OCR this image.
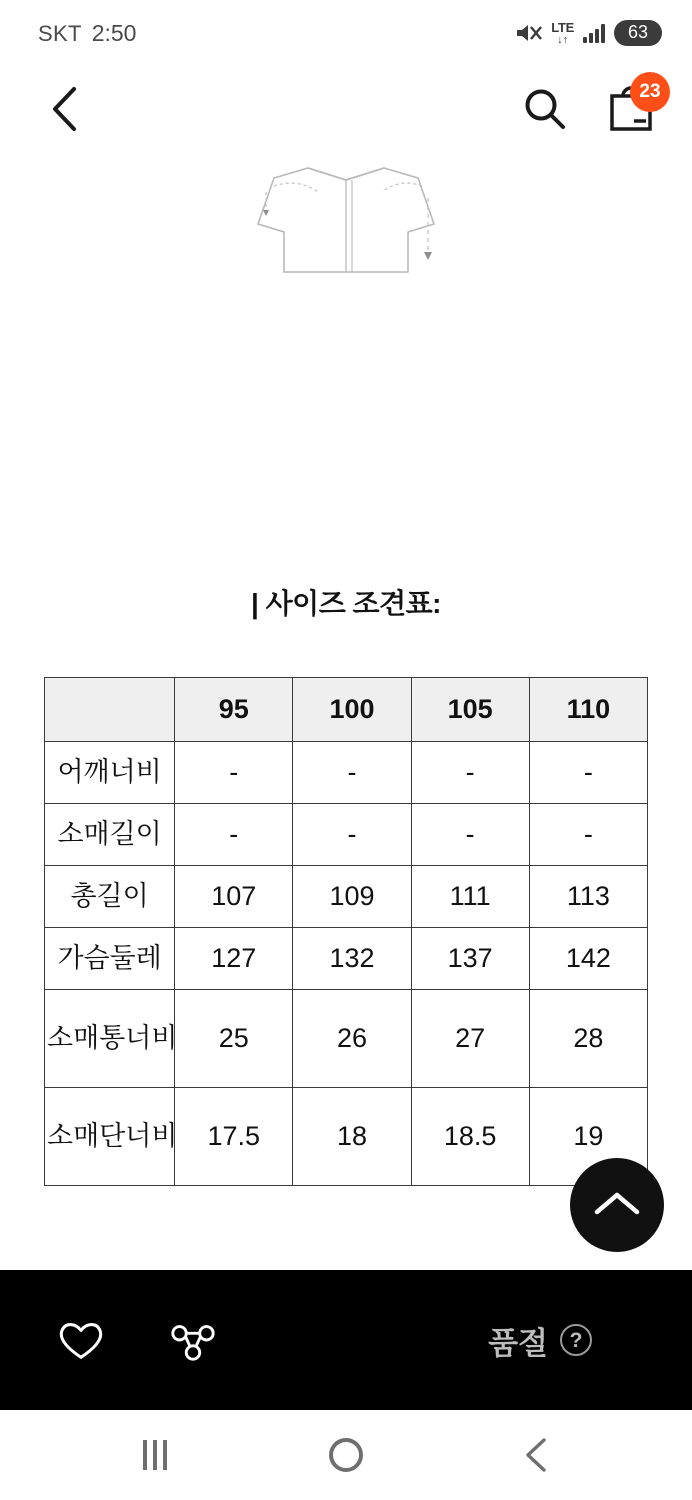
SKT 2:50	LTE
↓↑	63
23
| 사이즈 조견표:
	95	100	105	110
어깨너비	-	-	-	-
소매길이	-	-	-	-
총길이	107	109	111	113
가슴둘레	127	132	137	142
소매통너비	25	26	27	28
소매단너비	17.5	18	18.5	19
품절	?
